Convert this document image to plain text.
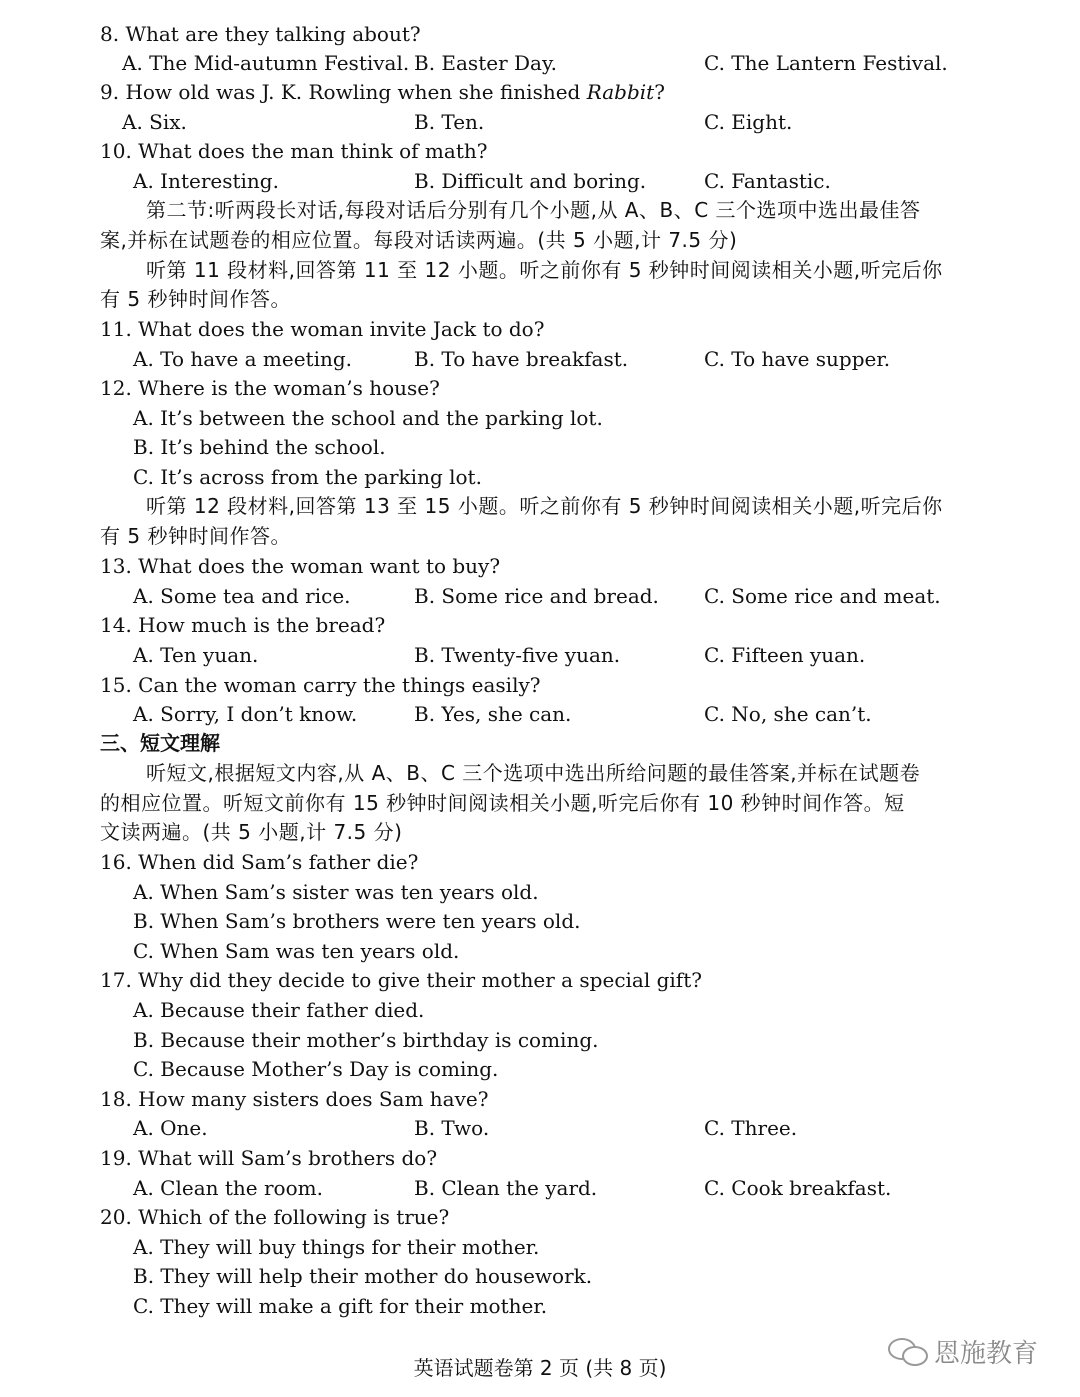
8. What are they talking about?
A. The Mid-autumn Festival. B. Easter Day.	C. The Lantern Festival.
9. How old was J. K. Rowling when she finished Rabbit?
A. Six.	B. Ten.	C. Eight.
10. What does the man think of math?
A. Interesting.	B. Difficult and boring.	C. Fantastic.
第二节:听两段长对话,每段对话后分别有几个小题,从 A、B、C 三个选项中选出最佳答
案,并标在试题卷的相应位置。每段对话读两遍。(共 5 小题,计 7.5 分)
听第 11 段材料,回答第 11 至 12 小题。听之前你有 5 秒钟时间阅读相关小题,听完后你
有 5 秒钟时间作答。
11. What does the woman invite Jack to do?
A. To have a meeting.	B. To have breakfast.	C. To have supper.
12. Where is the woman’s house?
A. It’s between the school and the parking lot.
B. It’s behind the school.
C. It’s across from the parking lot.
听第 12 段材料,回答第 13 至 15 小题。听之前你有 5 秒钟时间阅读相关小题,听完后你
有 5 秒钟时间作答。
13. What does the woman want to buy?
A. Some tea and rice.	B. Some rice and bread. C. Some rice and meat.
14. How much is the bread?
A. Ten yuan.	B. Twenty-five yuan.	C. Fifteen yuan.
15. Can the woman carry the things easily?
A. Sorry, I don’t know.	B. Yes, she can.	C. No, she can’t.
三、短文理解
听短文,根据短文内容,从 A、B、C 三个选项中选出所给问题的最佳答案,并标在试题卷
的相应位置。听短文前你有 15 秒钟时间阅读相关小题,听完后你有 10 秒钟时间作答。短
文读两遍。(共 5 小题,计 7.5 分)
16. When did Sam’s father die?
A. When Sam’s sister was ten years old.
B. When Sam’s brothers were ten years old.
C. When Sam was ten years old.
17. Why did they decide to give their mother a special gift?
A. Because their father died.
B. Because their mother’s birthday is coming.
C. Because Mother’s Day is coming.
18. How many sisters does Sam have?
A. One.	B. Two.	C. Three.
19. What will Sam’s brothers do?
A. Clean the room.	B. Clean the yard.	C. Cook breakfast.
20. Which of the following is true?
A. They will buy things for their mother.
B. They will help their mother do housework.
C. They will make a gift for their mother.
英语试题卷第 2 页 (共 8 页)	恩施教育
